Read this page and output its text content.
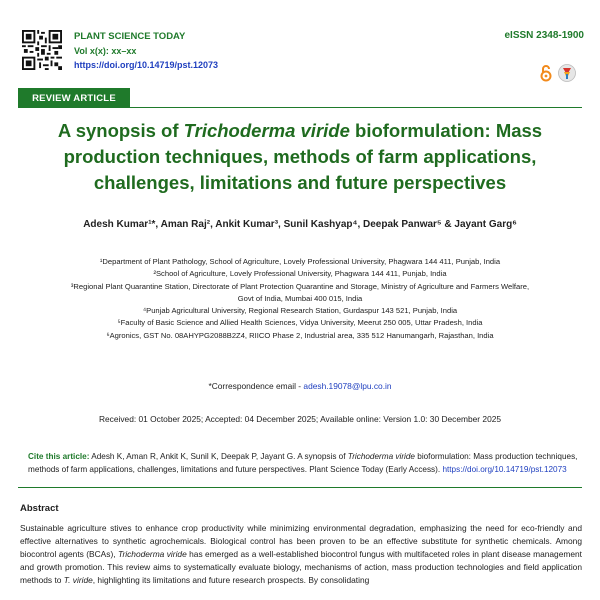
PLANT SCIENCE TODAY
Vol x(x): xx–xx
https://doi.org/10.14719/pst.12073
eISSN 2348-1900
REVIEW ARTICLE
A synopsis of Trichoderma viride bioformulation: Mass production techniques, methods of farm applications, challenges, limitations and future perspectives
Adesh Kumar¹*, Aman Raj², Ankit Kumar³, Sunil Kashyap⁴, Deepak Panwar⁵ & Jayant Garg⁶
¹Department of Plant Pathology, School of Agriculture, Lovely Professional University, Phagwara 144 411, Punjab, India
²School of Agriculture, Lovely Professional University, Phagwara 144 411, Punjab, India
³Regional Plant Quarantine Station, Directorate of Plant Protection Quarantine and Storage, Ministry of Agriculture and Farmers Welfare,
Govt of India, Mumbai 400 015, India
⁴Punjab Agricultural University, Regional Research Station, Gurdaspur 143 521, Punjab, India
⁵Faculty of Basic Science and Allied Health Sciences, Vidya University, Meerut 250 005, Uttar Pradesh, India
⁶Agronics, GST No. 08AHYPG2088B2Z4, RIICO Phase 2, Industrial area, 335 512 Hanumangarh, Rajasthan, India
*Correspondence email - adesh.19078@lpu.co.in
Received: 01 October 2025; Accepted: 04 December 2025; Available online: Version 1.0: 30 December 2025
Cite this article: Adesh K, Aman R, Ankit K, Sunil K, Deepak P, Jayant G. A synopsis of Trichoderma viride bioformulation: Mass production techniques, methods of farm applications, challenges, limitations and future perspectives. Plant Science Today (Early Access). https://doi.org/10.14719/pst.12073
Abstract
Sustainable agriculture stives to enhance crop productivity while minimizing environmental degradation, emphasizing the need for eco-friendly and effective alternatives to synthetic agrochemicals. Biological control has been proven to be an effective substitute for synthetic chemicals. Among biocontrol agents (BCAs), Trichoderma viride has emerged as a well-established biocontrol fungus with multifaceted roles in plant disease management and growth promotion. This review aims to systematically evaluate biology, mechanisms of action, mass production technologies and field application methods to T. viride, highlighting its limitations and future research prospects. By consolidating
